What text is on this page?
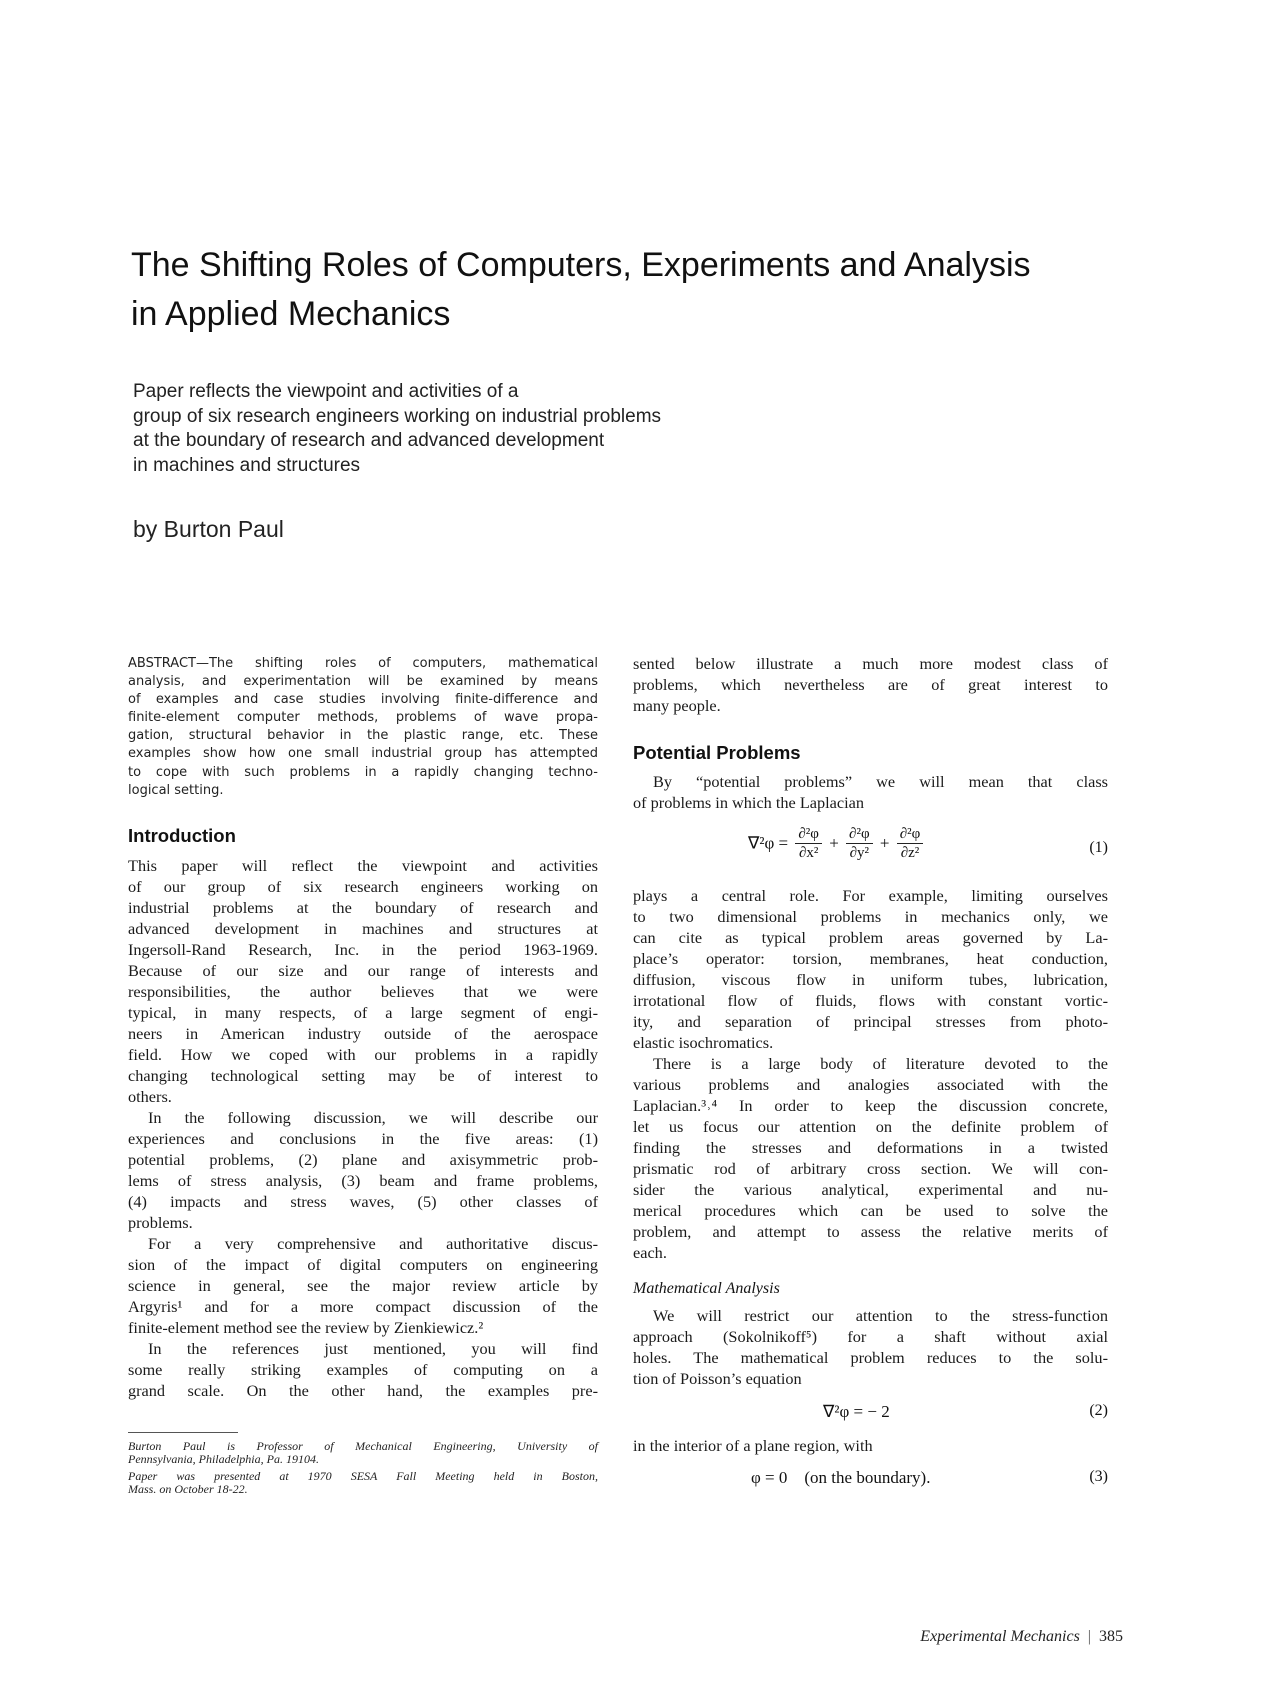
The Shifting Roles of Computers, Experiments and Analysis
in Applied Mechanics
Paper reflects the viewpoint and activities of a
group of six research engineers working on industrial problems
at the boundary of research and advanced development
in machines and structures
by Burton Paul
ABSTRACT—The shifting roles of computers, mathematical
analysis, and experimentation will be examined by means
of examples and case studies involving finite-difference and
finite-element computer methods, problems of wave propa-
gation, structural behavior in the plastic range, etc. These
examples show how one small industrial group has attempted
to cope with such problems in a rapidly changing techno-
logical setting.
Introduction
This paper will reflect the viewpoint and activities
of our group of six research engineers working on
industrial problems at the boundary of research and
advanced development in machines and structures at
Ingersoll-Rand Research, Inc. in the period 1963-1969.
Because of our size and our range of interests and
responsibilities, the author believes that we were
typical, in many respects, of a large segment of engi-
neers in American industry outside of the aerospace
field. How we coped with our problems in a rapidly
changing technological setting may be of interest to
others.
In the following discussion, we will describe our
experiences and conclusions in the five areas: (1)
potential problems, (2) plane and axisymmetric prob-
lems of stress analysis, (3) beam and frame problems,
(4) impacts and stress waves, (5) other classes of
problems.
For a very comprehensive and authoritative discus-
sion of the impact of digital computers on engineering
science in general, see the major review article by
Argyris¹ and for a more compact discussion of the
finite-element method see the review by Zienkiewicz.²
In the references just mentioned, you will find
some really striking examples of computing on a
grand scale. On the other hand, the examples pre-
Burton Paul is Professor of Mechanical Engineering, University of
Pennsylvania, Philadelphia, Pa. 19104.
Paper was presented at 1970 SESA Fall Meeting held in Boston,
Mass. on October 18-22.
sented below illustrate a much more modest class of
problems, which nevertheless are of great interest to
many people.
Potential Problems
By “potential problems” we will mean that class
of problems in which the Laplacian
$\nabla^2\varphi = \frac{\text{∂²φ}}{\text{∂x²}} + \frac{\text{∂²φ}}{\text{∂y²}} + \frac{\text{∂²φ}}{\text{∂z²}}$	(1)
plays a central role. For example, limiting ourselves
to two dimensional problems in mechanics only, we
can cite as typical problem areas governed by La-
place’s operator: torsion, membranes, heat conduction,
diffusion, viscous flow in uniform tubes, lubrication,
irrotational flow of fluids, flows with constant vortic-
ity, and separation of principal stresses from photo-
elastic isochromatics.
There is a large body of literature devoted to the
various problems and analogies associated with the
Laplacian.³˒⁴ In order to keep the discussion concrete,
let us focus our attention on the definite problem of
finding the stresses and deformations in a twisted
prismatic rod of arbitrary cross section. We will con-
sider the various analytical, experimental and nu-
merical procedures which can be used to solve the
problem, and attempt to assess the relative merits of
each.
Mathematical Analysis
We will restrict our attention to the stress-function
approach (Sokolnikoff⁵) for a shaft without axial
holes. The mathematical problem reduces to the solu-
tion of Poisson’s equation
∇²φ = − 2	(2)
in the interior of a plane region, with
φ = 0    (on the boundary).	(3)
Experimental Mechanics | 385
